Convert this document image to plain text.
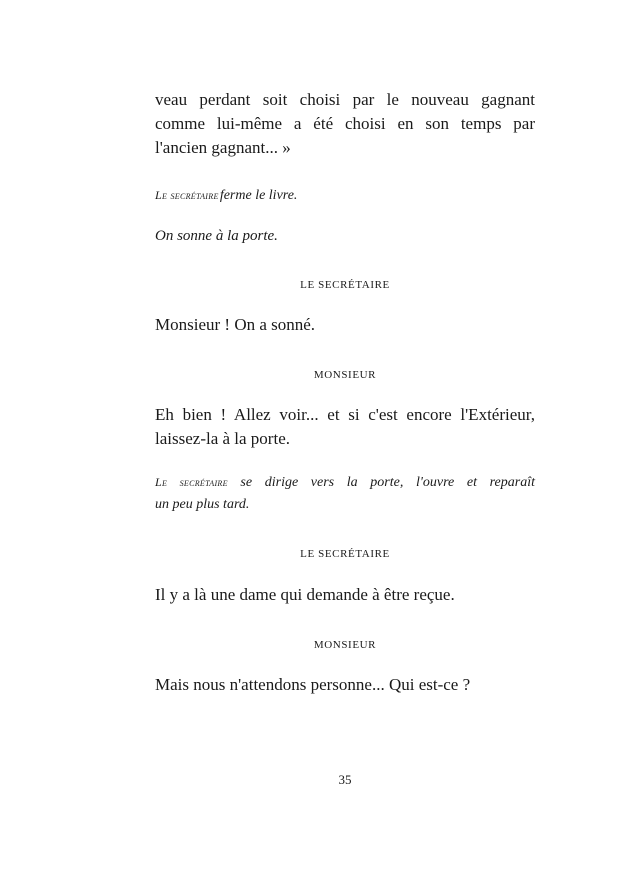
veau perdant soit choisi par le nouveau gagnant
comme lui-même a été choisi en son temps par
l'ancien gagnant... »
Le secrétaire ferme le livre.
On sonne à la porte.
LE SECRÉTAIRE
Monsieur ! On a sonné.
MONSIEUR
Eh bien ! Allez voir... et si c'est encore l'Extérieur,
laissez-la à la porte.
Le secrétaire se dirige vers la porte, l'ouvre et reparaît
un peu plus tard.
LE SECRÉTAIRE
Il y a là une dame qui demande à être reçue.
MONSIEUR
Mais nous n'attendons personne... Qui est-ce ?
35
